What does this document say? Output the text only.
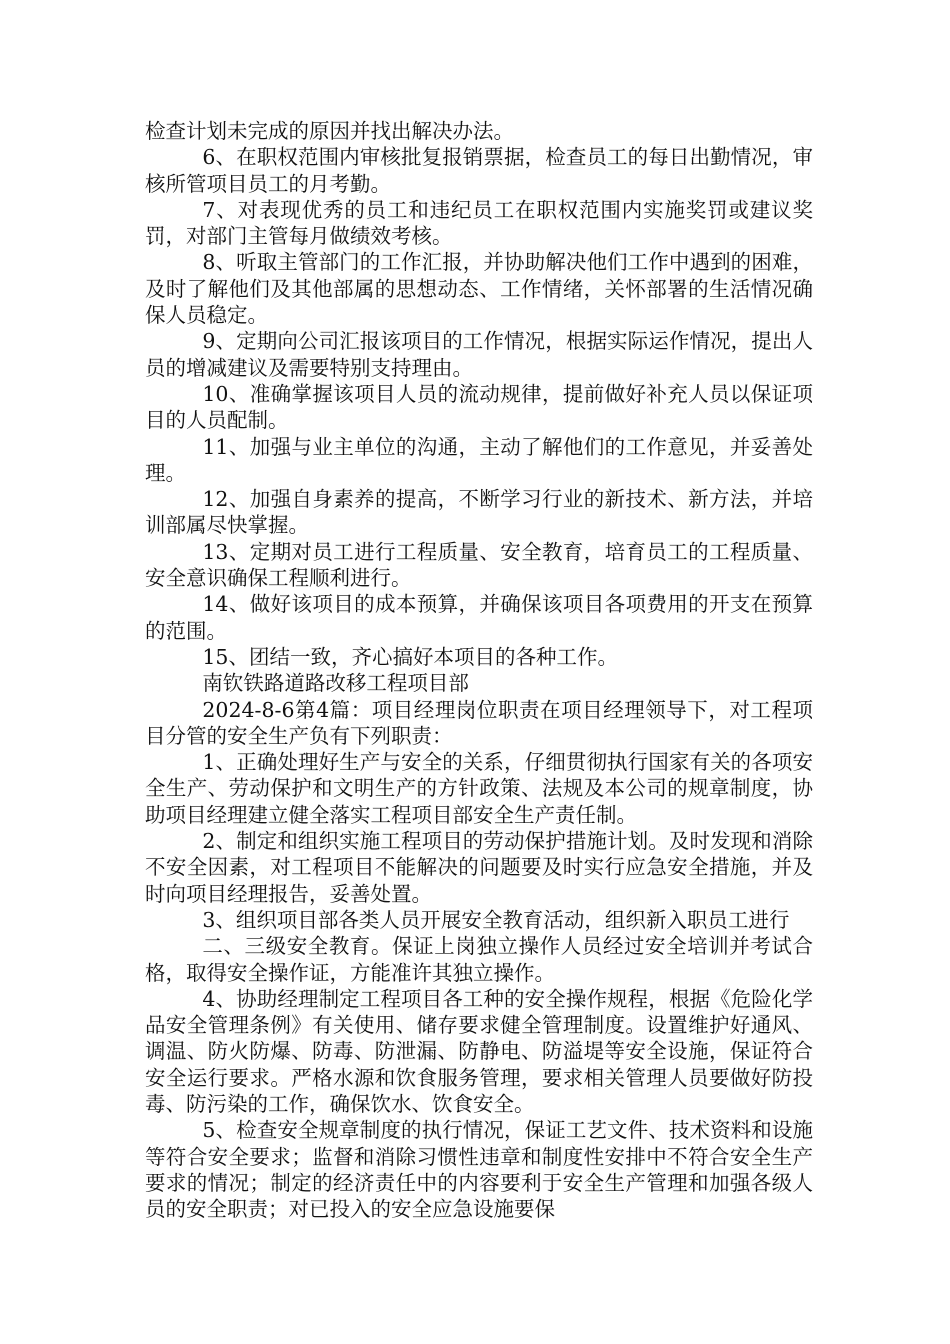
检查计划未完成的原因并找出解决办法。

6、在职权范围内审核批复报销票据，检查员工的每日出勤情况，审核所管项目员工的月考勤。

7、对表现优秀的员工和违纪员工在职权范围内实施奖罚或建议奖罚，对部门主管每月做绩效考核。

8、听取主管部门的工作汇报，并协助解决他们工作中遇到的困难，及时了解他们及其他部属的思想动态、工作情绪，关怀部署的生活情况确保人员稳定。

9、定期向公司汇报该项目的工作情况，根据实际运作情况，提出人员的增减建议及需要特别支持理由。

10、准确掌握该项目人员的流动规律，提前做好补充人员以保证项目的人员配制。

11、加强与业主单位的沟通，主动了解他们的工作意见，并妥善处理。

12、加强自身素养的提高，不断学习行业的新技术、新方法，并培训部属尽快掌握。

13、定期对员工进行工程质量、安全教育，培育员工的工程质量、安全意识确保工程顺利进行。

14、做好该项目的成本预算，并确保该项目各项费用的开支在预算的范围。

15、团结一致，齐心搞好本项目的各种工作。

南钦铁路道路改移工程项目部

2024-8-6第4篇：项目经理岗位职责在项目经理领导下，对工程项目分管的安全生产负有下列职责：

1、正确处理好生产与安全的关系，仔细贯彻执行国家有关的各项安全生产、劳动保护和文明生产的方针政策、法规及本公司的规章制度，协助项目经理建立健全落实工程项目部安全生产责任制。

2、制定和组织实施工程项目的劳动保护措施计划。及时发现和消除不安全因素，对工程项目不能解决的问题要及时实行应急安全措施，并及时向项目经理报告，妥善处置。

3、组织项目部各类人员开展安全教育活动，组织新入职员工进行

二、三级安全教育。保证上岗独立操作人员经过安全培训并考试合格，取得安全操作证，方能准许其独立操作。

4、协助经理制定工程项目各工种的安全操作规程，根据《危险化学品安全管理条例》有关使用、储存要求健全管理制度。设置维护好通风、调温、防火防爆、防毒、防泄漏、防静电、防溢堤等安全设施，保证符合安全运行要求。严格水源和饮食服务管理，要求相关管理人员要做好防投毒、防污染的工作，确保饮水、饮食安全。

5、检查安全规章制度的执行情况，保证工艺文件、技术资料和设施等符合安全要求；监督和消除习惯性违章和制度性安排中不符合安全生产要求的情况；制定的经济责任中的内容要利于安全生产管理和加强各级人员的安全职责；对已投入的安全应急设施要保
